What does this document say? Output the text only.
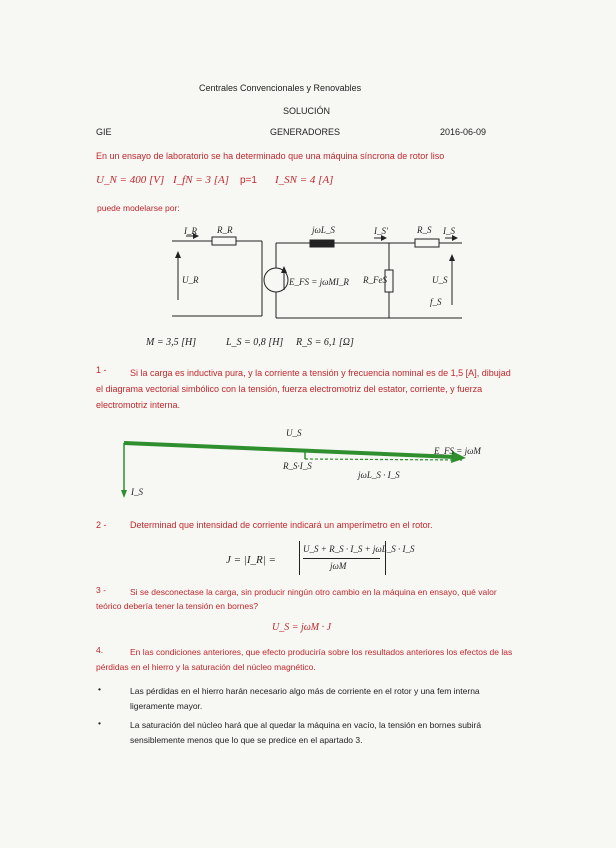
Centrales Convencionales y Renovables
SOLUCIÓN
GIE	GENERADORES	2016-06-09
En un ensayo de laboratorio se ha determinado que una máquina síncrona de rotor liso
U_N = 400 [V] I_fN = 3 [A] p=1 I_SN = 4 [A]
puede modelarse por:
I_R R_R
U_R
jωL_S	I_S'	R_S I_S
E_FS = jωMI_R R_FeS	U_S
f_S
M = 3,5 [H]	L_S = 0,8 [H] R_S = 6,1 [Ω]
1 -	Si la carga es inductiva pura, y la corriente a tensión y frecuencia nominal es de 1,5 [A], dibujad el diagrama vectorial simbólico con la tensión, fuerza electromotriz del estator, corriente, y fuerza electromotriz interna.
U_S
E_FS = jωM
R_S·I_S
jωL_S · I_S
I_S
2 -	Determinad que intensidad de corriente indicará un amperímetro en el rotor.
J = |I_R| =
U_S + R_S · I_S + jωL_S · I_S
jωM
3 -	Si se desconectase la carga, sin producir ningún otro cambio en la máquina en ensayo, qué valor teórico debería tener la tensión en bornes?
U_S = jωM · J
4.	En las condiciones anteriores, que efecto produciría sobre los resultados anteriores los efectos de las pérdidas en el hierro y la saturación del núcleo magnético.
•	Las pérdidas en el hierro harán necesario algo más de corriente en el rotor y una fem interna ligeramente mayor.
•	La saturación del núcleo hará que al quedar la máquina en vacío, la tensión en bornes subirá sensiblemente menos que lo que se predice en el apartado 3.
